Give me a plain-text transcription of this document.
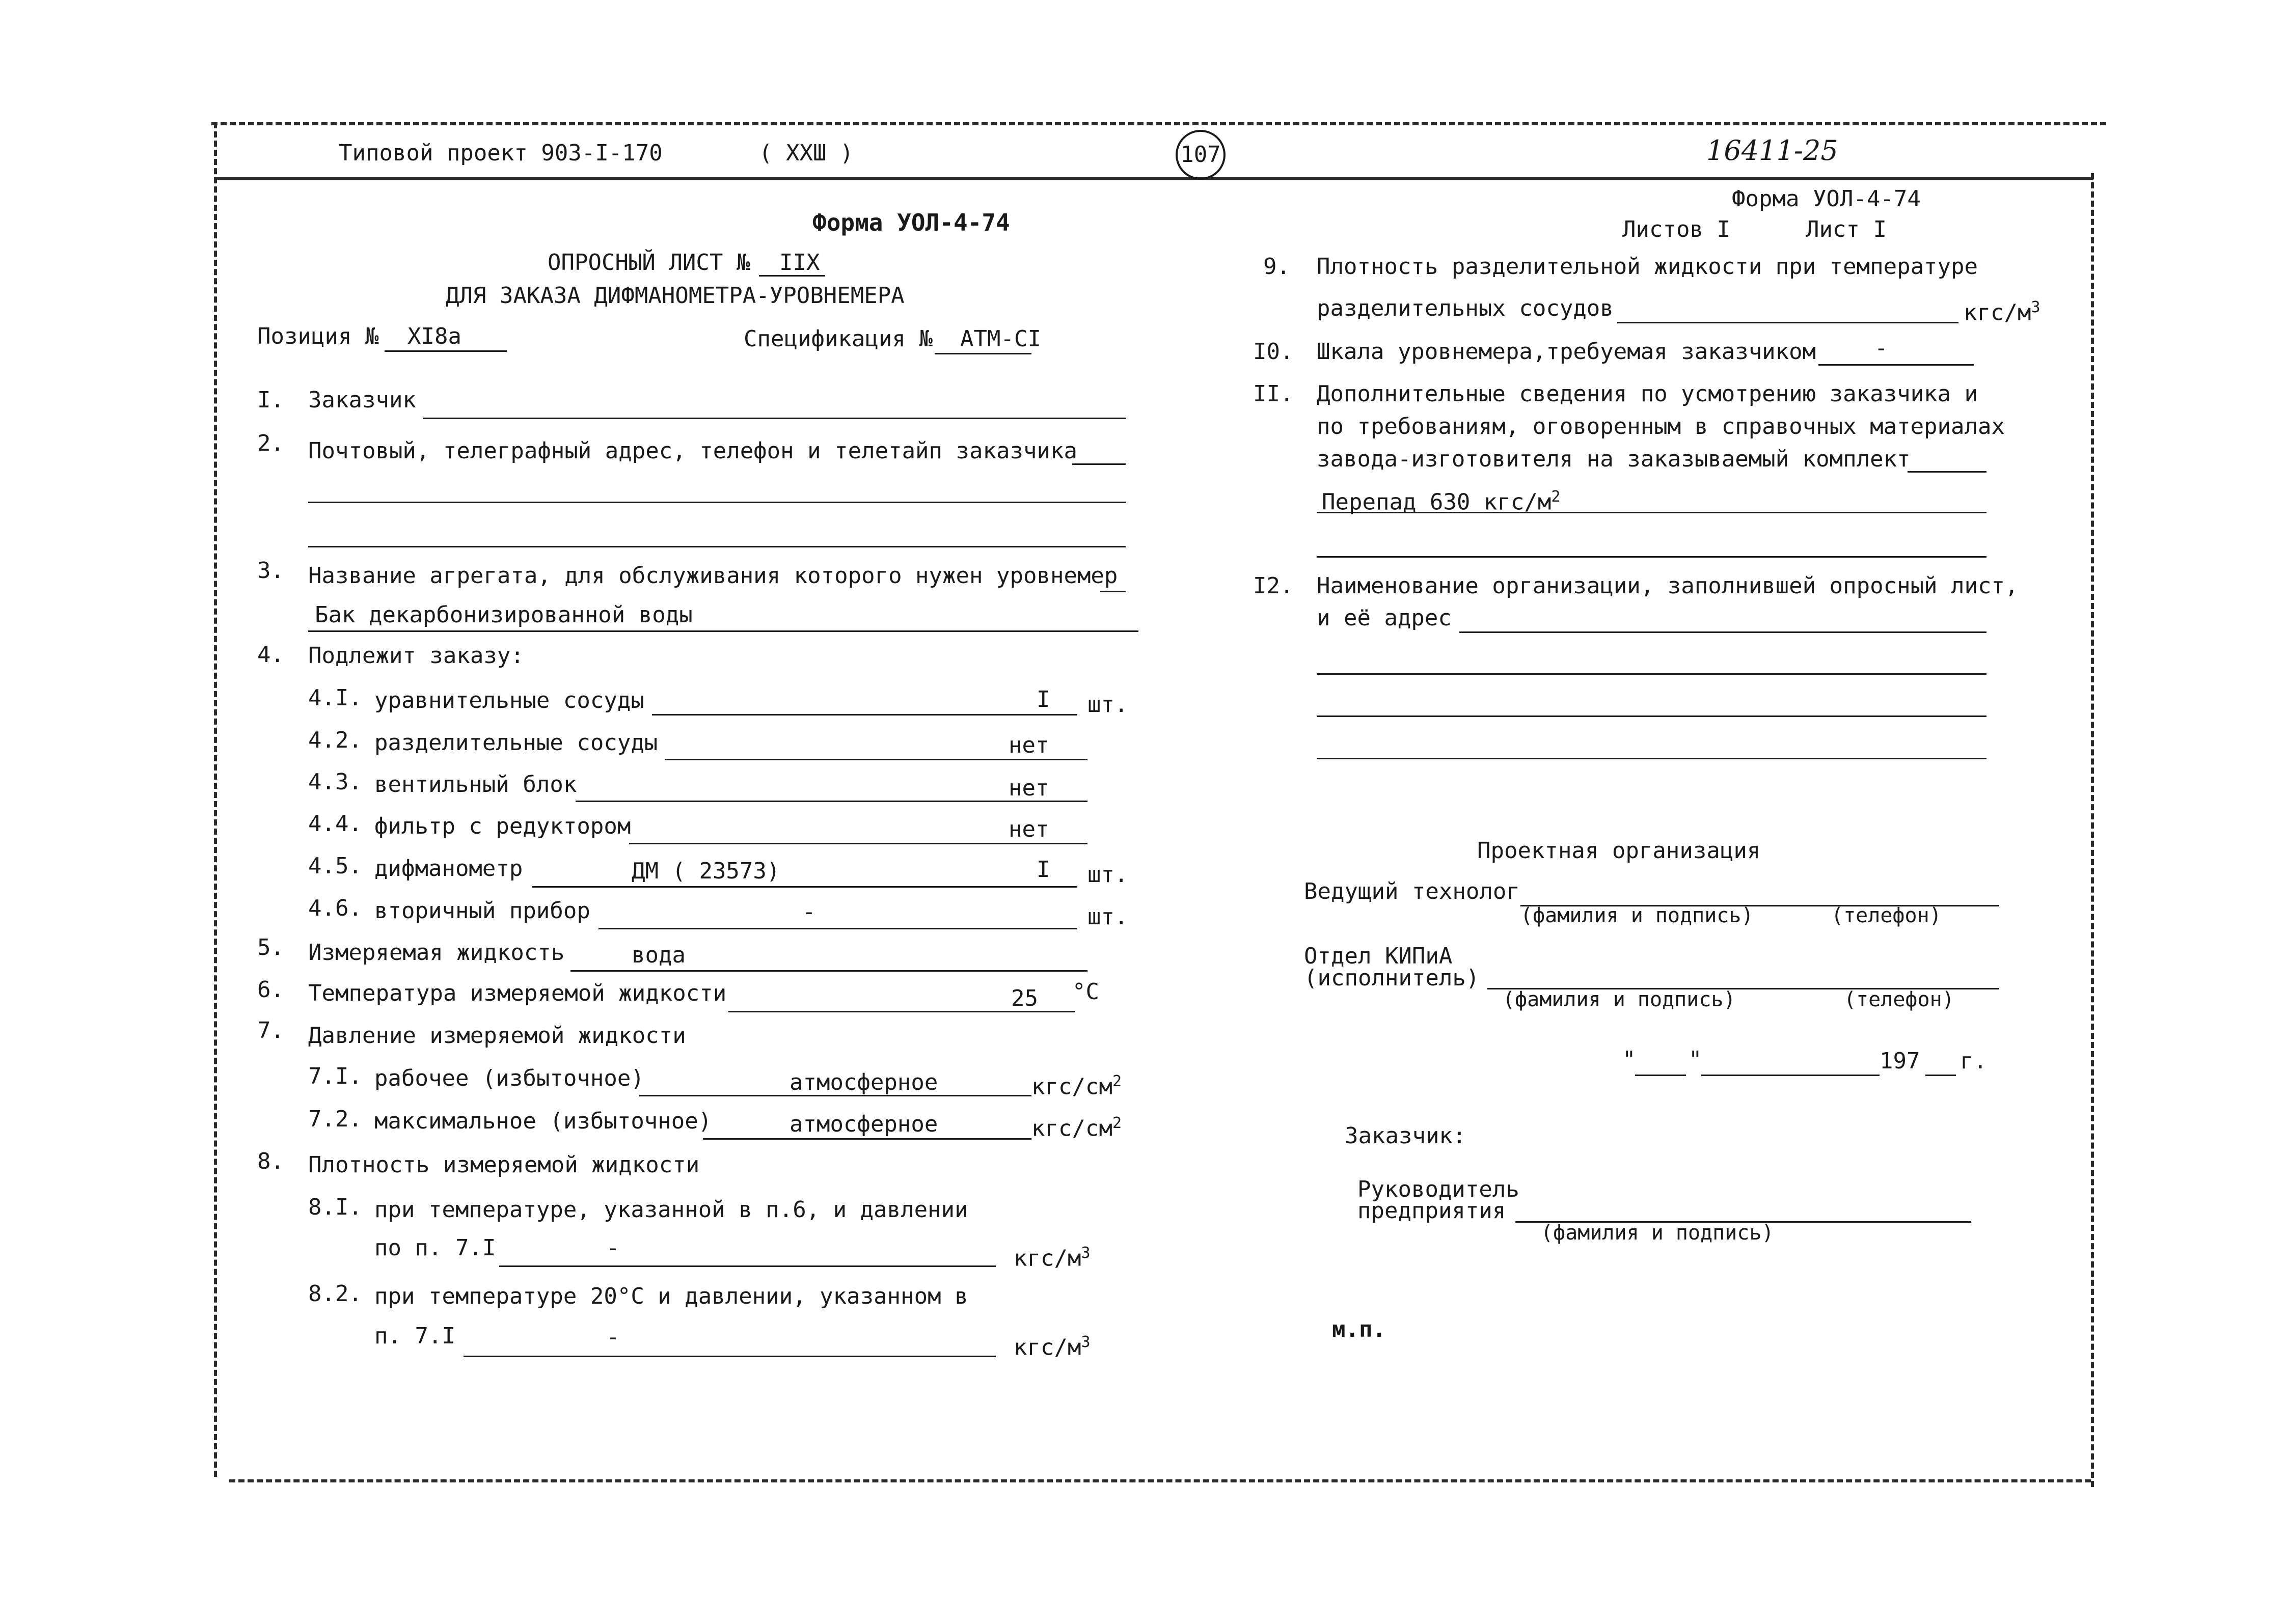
Типовой проект 903-I-170	( XXШ )	107	16411-25
Форма УОЛ-4-74
ОПРОСНЫЙ ЛИСТ № IIX
ДЛЯ ЗАКАЗА ДИФМАНОМЕТРА-УРОВНЕМЕРА
Позиция № XI8а	Спецификация № АТМ-СI
I. Заказчик
2. Почтовый, телеграфный адрес, телефон и телетайп заказчика
3. Название агрегата, для обслуживания которого нужен уровнемер
Бак декарбонизированной воды
4. Подлежит заказу:
4.I. уравнительные сосуды	I шт.
4.2. разделительные сосуды	нет
4.3. вентильный блок	нет
4.4. фильтр с редуктором	нет
4.5. дифманометр	ДМ ( 23573)	I шт.
4.6. вторичный прибор	-	шт.
5. Измеряемая жидкость	вода
6. Температура измеряемой жидкости	25 °С
7. Давление измеряемой жидкости
7.I. рабочее (избыточное)	атмосферное	кгс/$см^2$
7.2. максимальное (избыточное)	атмосферное	кгс/$см^2$
8. Плотность измеряемой жидкости
8.I. при температуре, указанной в п.6, и давлении
по п. 7.I	-	кгс/$м^3$
8.2. при температуре 20°С и давлении, указанном в
п. 7.I	-	кгс/$м^3$
Форма УОЛ-4-74
Листов I	Лист I
9. Плотность разделительной жидкости при температуре
разделительных сосудов	кгс/$м^3$
I0. Шкала уровнемера,требуемая заказчиком	-
II. Дополнительные сведения по усмотрению заказчика и
по требованиям, оговоренным в справочных материалах
завода-изготовителя на заказываемый комплект
Перепад 630 кгс/$м^2$
I2. Наименование организации, заполнившей опросный лист,
и её адрес
Проектная организация
Ведущий технолог
(фамилия и подпись)	(телефон)
Отдел КИПиА
(исполнитель)
(фамилия и подпись)	(телефон)
" "	197 г.
Заказчик:
Руководитель
предприятия
(фамилия и подпись)
м.п.
